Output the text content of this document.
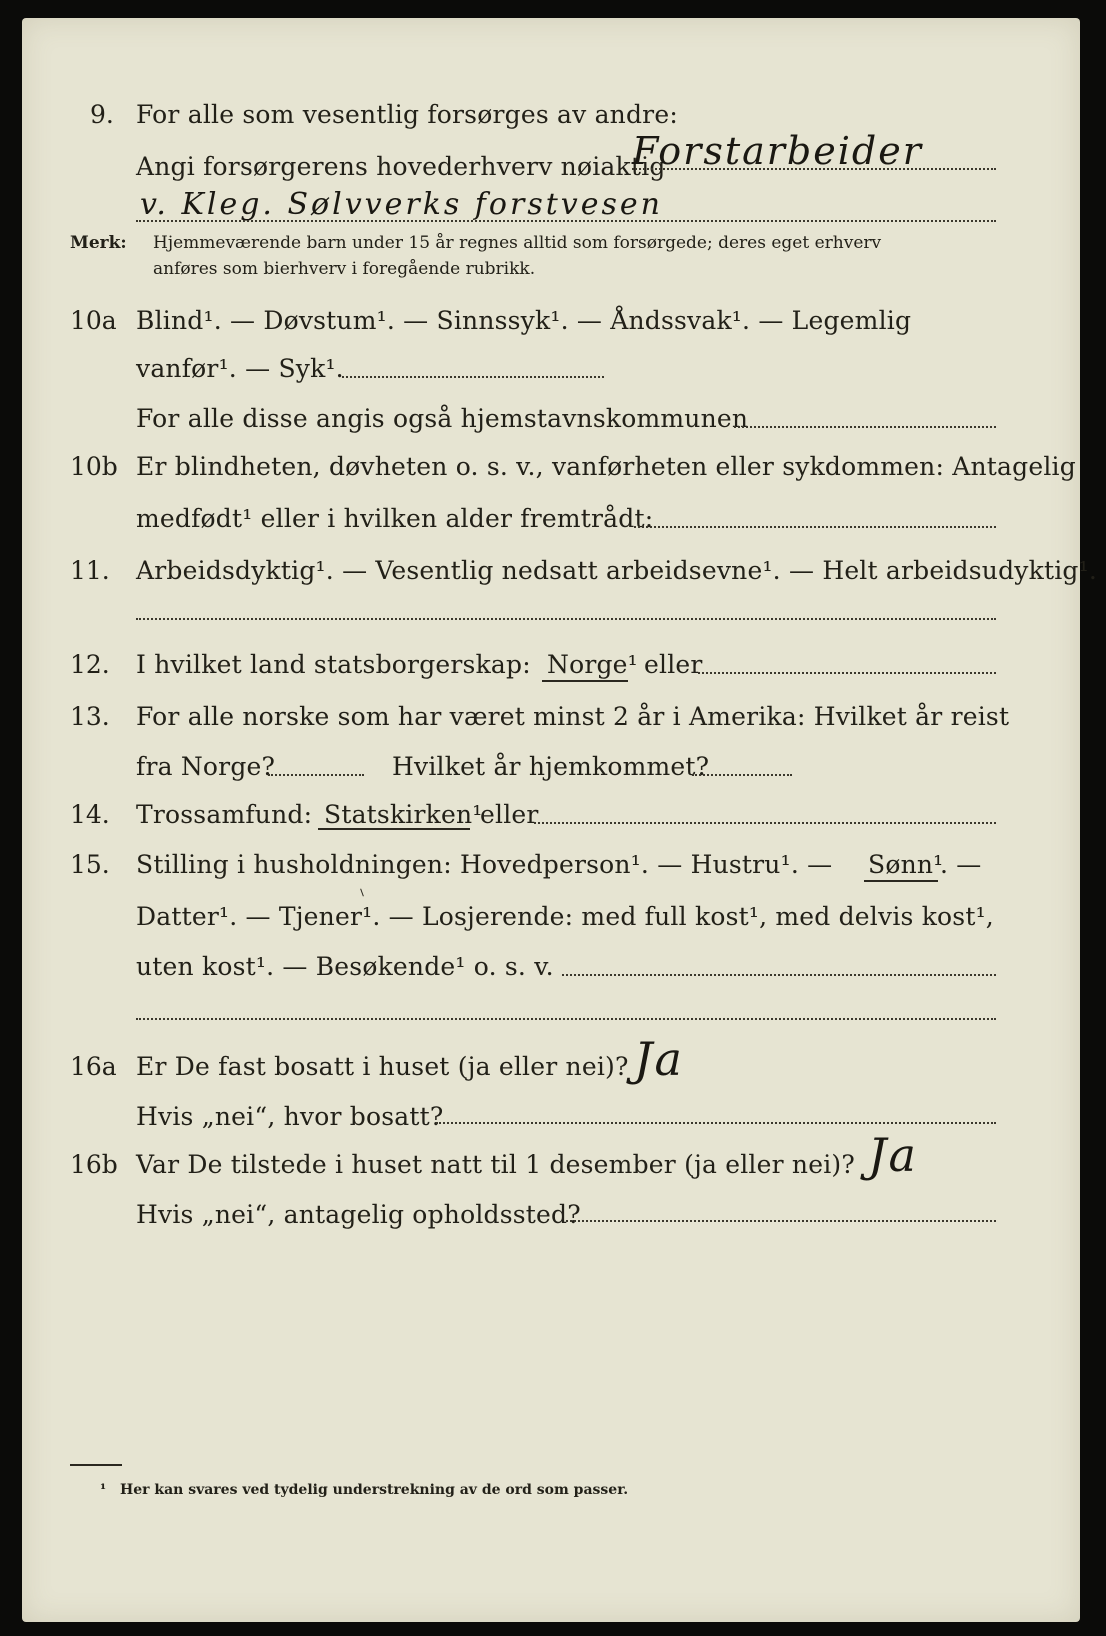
9. For alle som vesentlig forsørges av andre:
Angi forsørgerens hovederhverv nøiaktig
Forstarbeider
v. Kleg. Sølvverks forstvesen
Merk: Hjemmeværende barn under 15 år regnes alltid som forsørgede; deres eget erhverv
anføres som bierhverv i foregående rubrikk.
10a Blind¹. — Døvstum¹. — Sinnssyk¹. — Åndssvak¹. — Legemlig
vanfør¹. — Syk¹.
For alle disse angis også hjemstavnskommunen
10b Er blindheten, døvheten o. s. v., vanførheten eller sykdommen: Antagelig
medfødt¹ eller i hvilken alder fremtrådt:
11. Arbeidsdyktig¹. — Vesentlig nedsatt arbeidsevne¹. — Helt arbeidsudyktig¹.
12. I hvilket land statsborgerskap: Norge¹ eller
13. For alle norske som har været minst 2 år i Amerika: Hvilket år reist
fra Norge?	Hvilket år hjemkommet?
14. Trossamfund: Statskirken¹
eller
15. Stilling i husholdningen: Hovedperson¹. — Hustru¹. — Sønn¹
. —
Datter¹. — Tjener¹. — Losjerende: med full kost¹, med delvis kost¹,
uten kost¹. — Besøkende¹ o. s. v.
16a Er De fast bosatt i huset (ja eller nei)? Ja
Hvis „nei“, hvor bosatt?
16b Var De tilstede i huset natt til 1 desember (ja eller nei)? Ja
Hvis „nei“, antagelig opholdssted?
¹ Her kan svares ved tydelig understrekning av de ord som passer.
